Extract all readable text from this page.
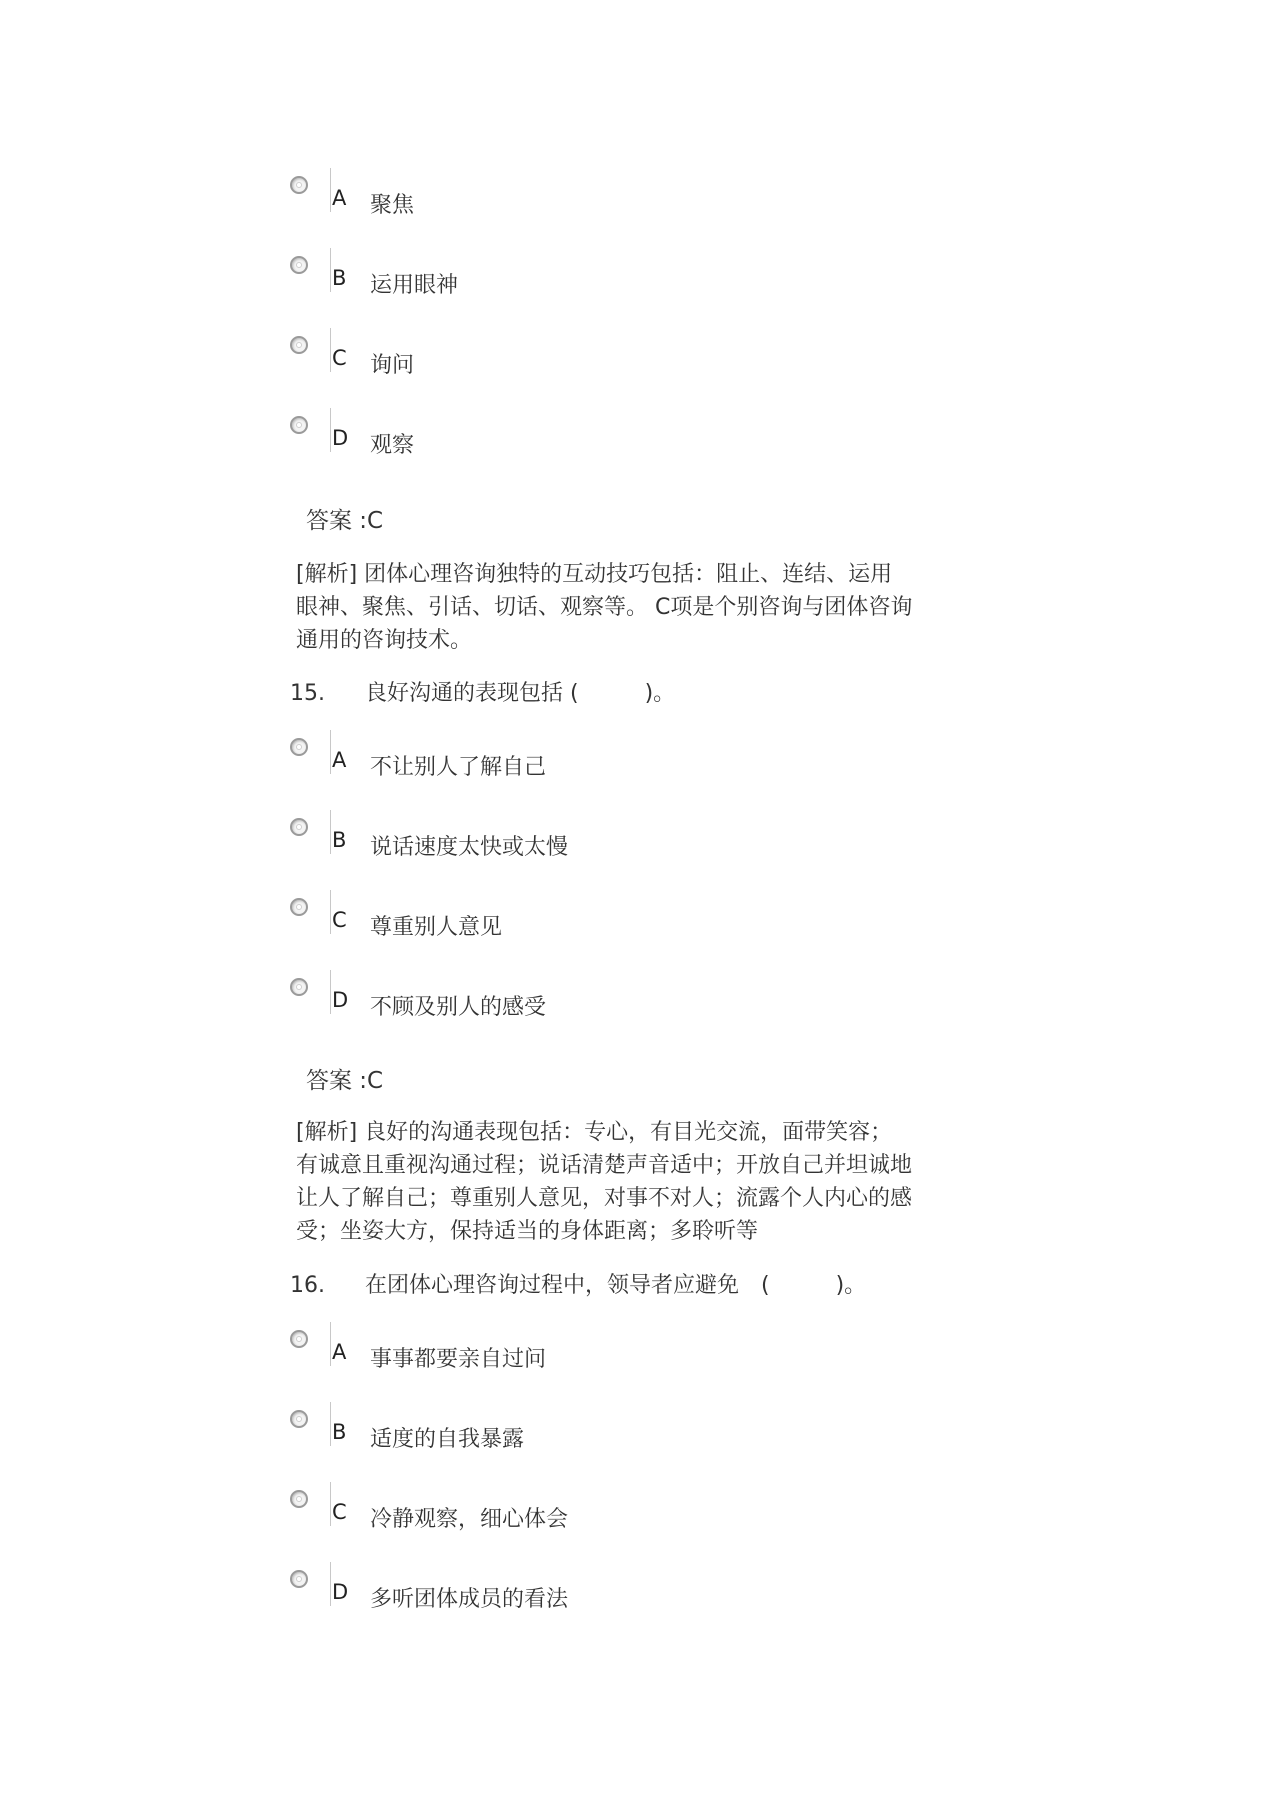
A 聚焦
B 运用眼神
C 询问
D 观察
答案 :C
[解析] 团体心理咨询独特的互动技巧包括：阻止、连结、运用
眼神、聚焦、引话、切话、观察等。 C项是个别咨询与团体咨询
通用的咨询技术。
15. 良好沟通的表现包括 (　　　)。
A 不让别人了解自己
B 说话速度太快或太慢
C 尊重别人意见
D 不顾及别人的感受
答案 :C
[解析] 良好的沟通表现包括：专心，有目光交流，面带笑容；
有诚意且重视沟通过程；说话清楚声音适中；开放自己并坦诚地
让人了解自己；尊重别人意见，对事不对人；流露个人内心的感
受；坐姿大方，保持适当的身体距离；多聆听等
16. 在团体心理咨询过程中，领导者应避免　(　　　)。
A 事事都要亲自过问
B 适度的自我暴露
C 冷静观察，细心体会
D 多听团体成员的看法
